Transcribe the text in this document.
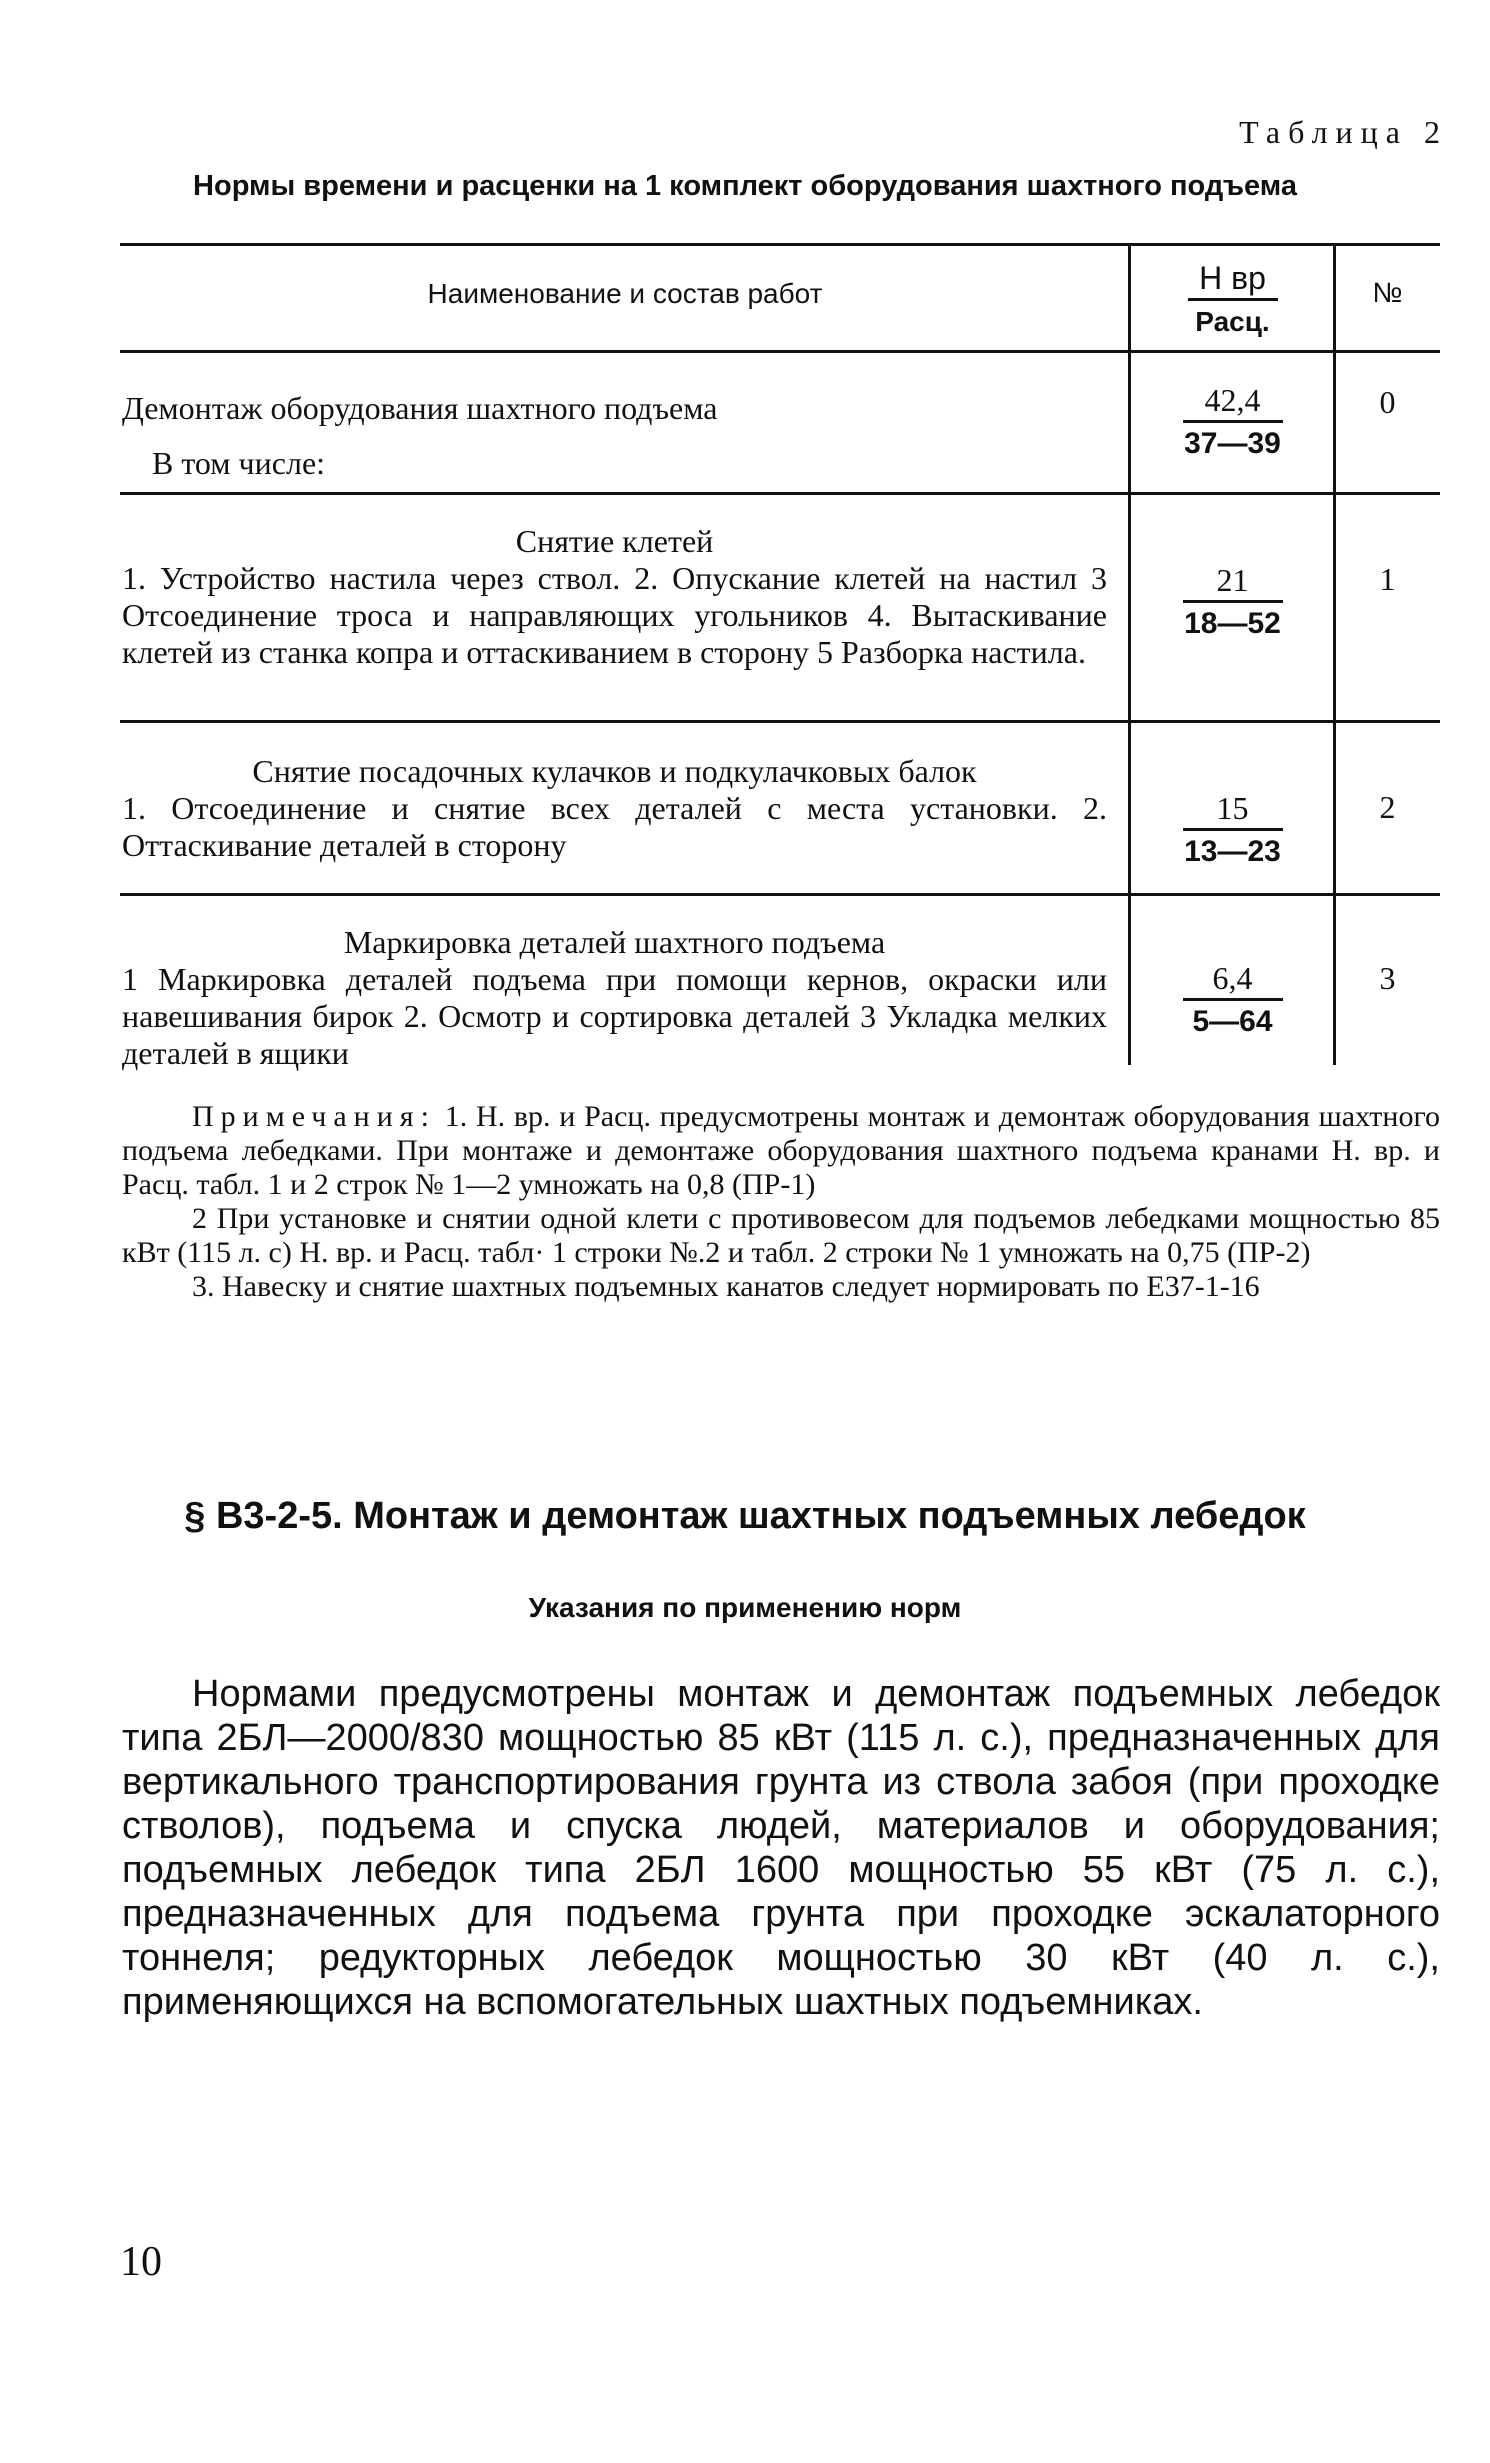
Таблица 2
Нормы времени и расценки на 1 комплект оборудования шахтного подъема
Наименование и состав работ	Н вр
Расц.
№
Демонтаж оборудования шахтного подъема
В том числе:
42,4
37—39
0
Снятие клетей
1. Устройство настила через ствол. 2. Опускание клетей на настил 3 Отсоединение троса и направляющих угольников 4. Вытаскивание клетей из станка копра и оттаскиванием в сторону 5 Разборка настила.
21
18—52
1
Снятие посадочных кулачков и подкулачковых балок
1. Отсоединение и снятие всех деталей с места установки. 2. Оттаскивание деталей в сторону
15
13—23
2
Маркировка деталей шахтного подъема
1 Маркировка деталей подъема при помощи кернов, окраски или навешивания бирок 2. Осмотр и сортировка деталей 3 Укладка мелких деталей в ящики
6,4
5—64
3

Примечания: 1. Н. вр. и Расц. предусмотрены монтаж и демонтаж оборудования шахтного подъема лебедками. При монтаже и демонтаже оборудования шахтного подъема кранами Н. вр. и Расц. табл. 1 и 2 строк № 1—2 умножать на 0,8 (ПР-1)

2 При установке и снятии одной клети с противовесом для подъемов лебедками мощностью 85 кВт (115 л. с) Н. вр. и Расц. табл· 1 строки №.2 и табл. 2 строки № 1 умножать на 0,75 (ПР-2)

3. Навеску и снятие шахтных подъемных канатов следует нормировать по Е37-1-16

§ В3-2-5. Монтаж и демонтаж шахтных подъемных лебедок
Указания по применению норм

Нормами предусмотрены монтаж и демонтаж подъемных лебедок типа 2БЛ—2000/830 мощностью 85 кВт (115 л. с.), предназначенных для вертикального транспортирования грунта из ствола забоя (при проходке стволов), подъема и спуска людей, материалов и оборудования; подъемных лебедок типа 2БЛ 1600 мощностью 55 кВт (75 л. с.), предназначенных для подъема грунта при проходке эскалаторного тоннеля; редукторных лебедок мощностью 30 кВт (40 л. с.), применяющихся на вспомогательных шахтных подъемниках.

10
